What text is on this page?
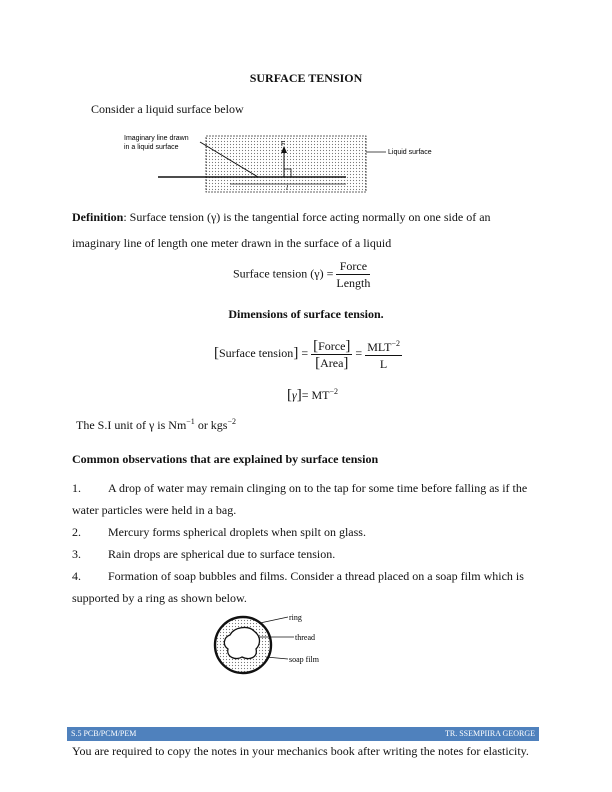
SURFACE TENSION
Consider a liquid surface below
Imaginary line drawn
in a liquid surface	F
l
Liquid surface
Definition: Surface tension (γ) is the tangential force acting normally on one side of an imaginary line of length one meter drawn in the surface of a liquid
Surface tension $(\gamma) = \frac{\text{Force}}{\text{Length}}$
Dimensions of surface tension.
[Surface tension] = $\frac{\text{[Force]}}{\text{[Area]}} = \frac{MLT^{-2}}{L}$
$[\gamma]= MT^{-2}$
The S.I unit of γ is $Nm^{-1}$ or kgs$^{-2}$
Common observations that are explained by surface tension
1.	A drop of water may remain clinging on to the tap for some time before falling as if the
water particles were held in a bag.
2.	Mercury forms spherical droplets when spilt on glass.
3.	Rain drops are spherical due to surface tension.
4.	Formation of soap bubbles and films. Consider a thread placed on a soap film which is
supported by a ring as shown below.
ring
thread
soap film
S.5 PCB/PCM/PEM	TR. SSEMPIIRA GEORGE
You are required to copy the notes in your mechanics book after writing the notes for elasticity.
